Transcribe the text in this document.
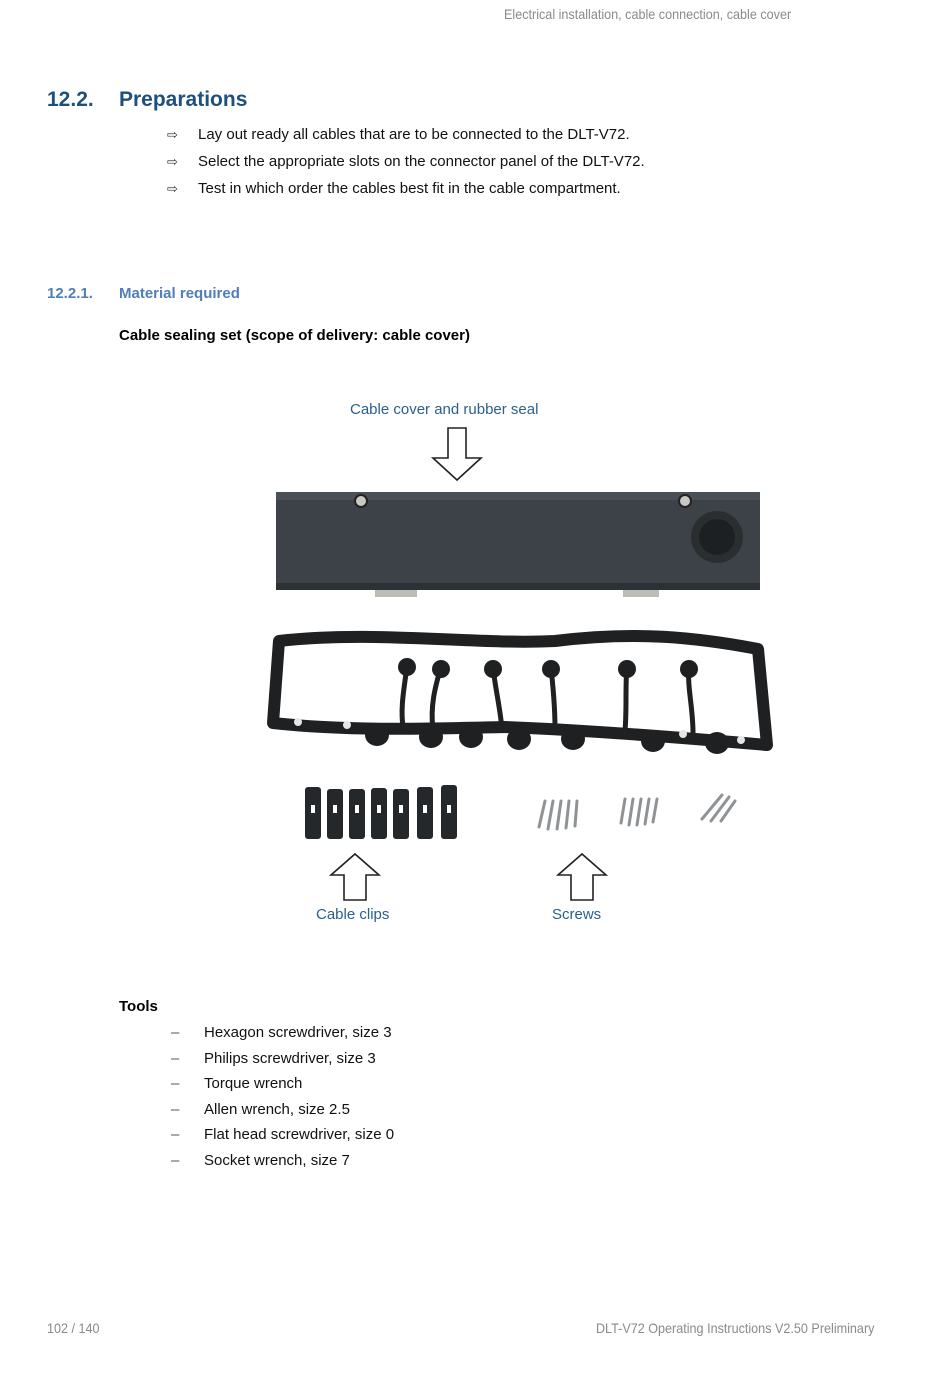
Electrical installation, cable connection, cable cover
12.2. Preparations
⇨	Lay out ready all cables that are to be connected to the DLT-V72.
⇨	Select the appropriate slots on the connector panel of the DLT-V72.
⇨	Test in which order the cables best fit in the cable compartment.
12.2.1. Material required
Cable sealing set (scope of delivery: cable cover)
Cable cover and rubber seal
Cable clips	Screws
Tools
–	Hexagon screwdriver, size 3
–	Philips screwdriver, size 3
–	Torque wrench
–	Allen wrench, size 2.5
–	Flat head screwdriver, size 0
–	Socket wrench, size 7
102 / 140	DLT-V72 Operating Instructions V2.50 Preliminary
